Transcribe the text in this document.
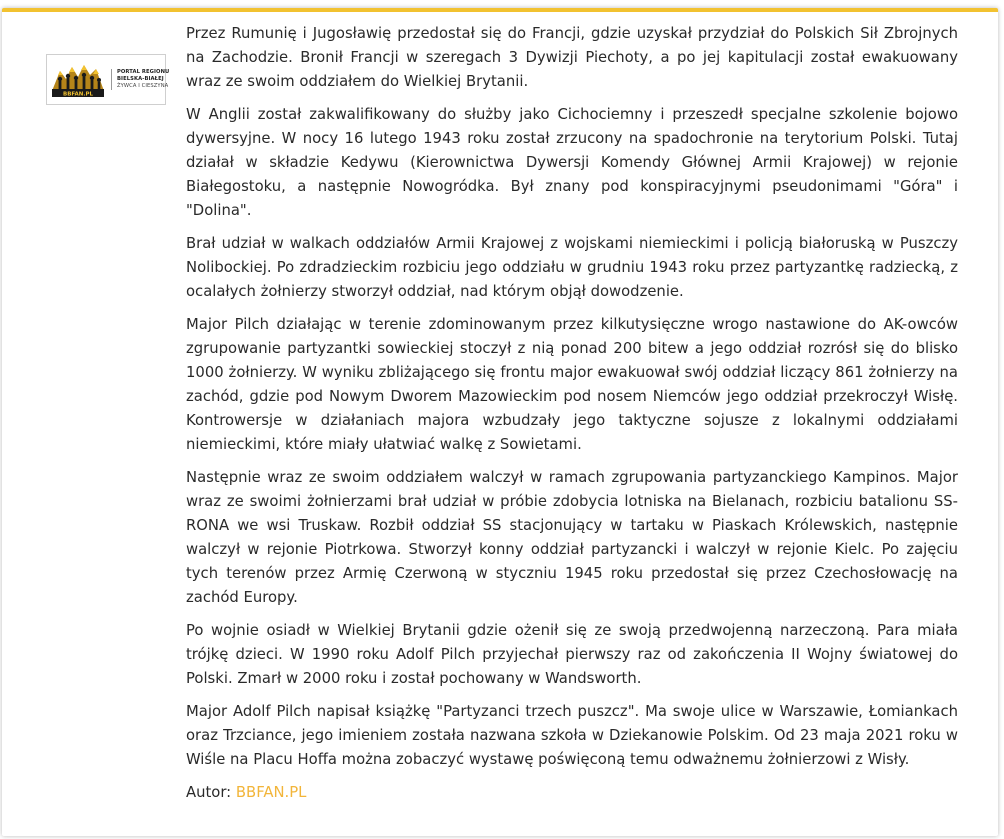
BBFAN.PL
PORTAL REGIONU
BIELSKA-BIAŁEJ
ŻYWCA I CIESZYNA

Przez Rumunię i Jugosławię przedostał się do Francji, gdzie uzyskał przydział do Polskich Sił Zbrojnych na Zachodzie. Bronił Francji w szeregach 3 Dywizji Piechoty, a po jej kapitulacji został ewakuowany wraz ze swoim oddziałem do Wielkiej Brytanii.

W Anglii został zakwalifikowany do służby jako Cichociemny i przeszedł specjalne szkolenie bojowo dywersyjne. W nocy 16 lutego 1943 roku został zrzucony na spadochronie na terytorium Polski. Tutaj działał w składzie Kedywu (Kierownictwa Dywersji Komendy Głównej Armii Krajowej) w rejonie Białegostoku, a następnie Nowogródka. Był znany pod konspiracyjnymi pseudonimami "Góra" i "Dolina".

Brał udział w walkach oddziałów Armii Krajowej z wojskami niemieckimi i policją białoruską w Puszczy Nolibockiej. Po zdradzieckim rozbiciu jego oddziału w grudniu 1943 roku przez partyzantkę radziecką, z ocalałych żołnierzy stworzył oddział, nad którym objął dowodzenie.

Major Pilch działając w terenie zdominowanym przez kilkutysięczne wrogo nastawione do AK-owców zgrupowanie partyzantki sowieckiej stoczył z nią ponad 200 bitew a jego oddział rozrósł się do blisko 1000 żołnierzy. W wyniku zbliżającego się frontu major ewakuował swój oddział liczący 861 żołnierzy na zachód, gdzie pod Nowym Dworem Mazowieckim pod nosem Niemców jego oddział przekroczył Wisłę. Kontrowersje w działaniach majora wzbudzały jego taktyczne sojusze z lokalnymi oddziałami niemieckimi, które miały ułatwiać walkę z Sowietami.

Następnie wraz ze swoim oddziałem walczył w ramach zgrupowania partyzanckiego Kampinos. Major wraz ze swoimi żołnierzami brał udział w próbie zdobycia lotniska na Bielanach, rozbiciu batalionu SS-RONA we wsi Truskaw. Rozbił oddział SS stacjonujący w tartaku w Piaskach Królewskich, następnie walczył w rejonie Piotrkowa. Stworzył konny oddział partyzancki i walczył w rejonie Kielc. Po zajęciu tych terenów przez Armię Czerwoną w styczniu 1945 roku przedostał się przez Czechosłowację na zachód Europy.

Po wojnie osiadł w Wielkiej Brytanii gdzie ożenił się ze swoją przedwojenną narzeczoną. Para miała trójkę dzieci. W 1990 roku Adolf Pilch przyjechał pierwszy raz od zakończenia II Wojny światowej do Polski. Zmarł w 2000 roku i został pochowany w Wandsworth.

Major Adolf Pilch napisał książkę "Partyzanci trzech puszcz". Ma swoje ulice w Warszawie, Łomiankach oraz Trzciance, jego imieniem została nazwana szkoła w Dziekanowie Polskim. Od 23 maja 2021 roku w Wiśle na Placu Hoffa można zobaczyć wystawę poświęconą temu odważnemu żołnierzowi z Wisły.

Autor: BBFAN.PL
